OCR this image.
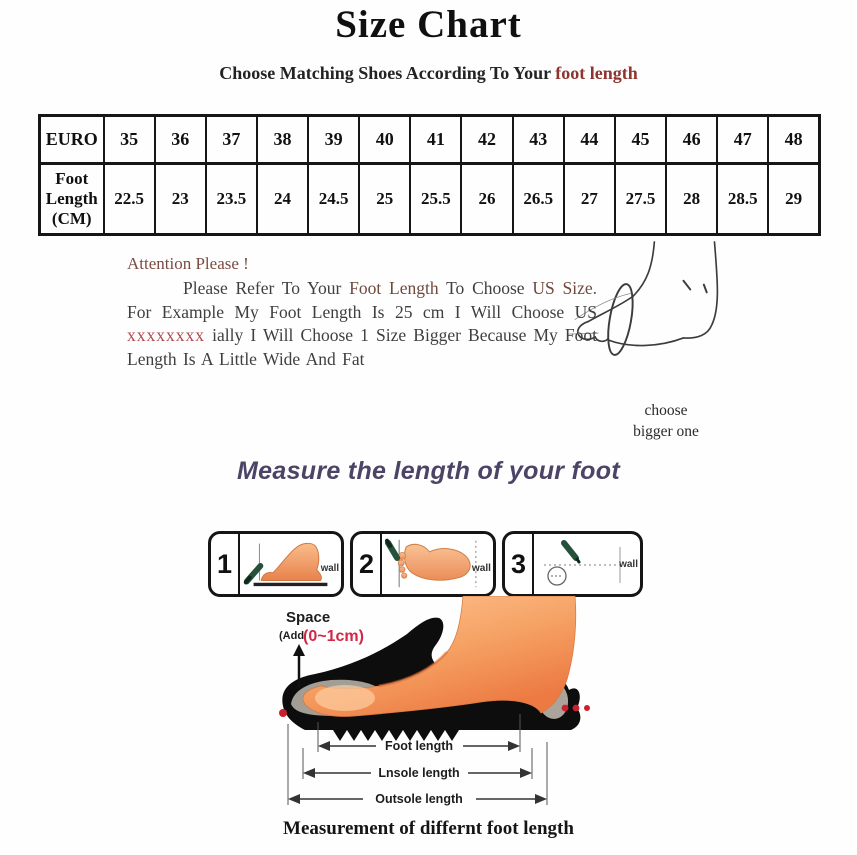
Size Chart
Choose Matching Shoes According To Your foot length
EURO	35	36	37	38	39	40	41	42	43	44	45	46	47	48

Foot
Length
(CM)	22.5	23	23.5	24	24.5	25	25.5	26	26.5	27	27.5	28	28.5	29
Attention Please !

Please Refer To Your Foot Length To Choose US Size. For Example My Foot Length Is 25 cm I Will Choose US xxxxxxxx ially I Will Choose 1 Size Bigger Because My Foot Length Is A Little Wide And Fat

choose
bigger one
Measure the length of your foot
1	wall 2	wall 3	wall
Space
(Add
(0~1cm)
Foot length
Lnsole length
Outsole length
Measurement of differnt foot length
